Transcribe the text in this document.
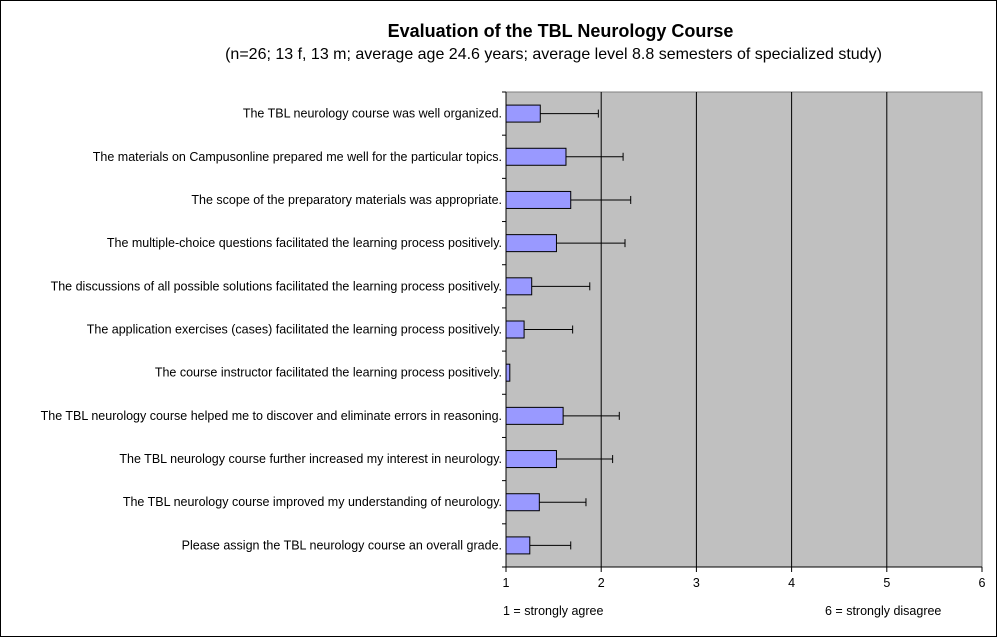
Evaluation of the TBL Neurology Course
(n=26; 13 f, 13 m; average age 24.6 years; average level 8.8 semesters of specialized study)
1	2	3	4	5	6
The TBL neurology course was well organized.
The materials on Campusonline prepared me well for the particular topics.
The scope of the preparatory materials was appropriate.
The multiple-choice questions facilitated the learning process positively.
The discussions of all possible solutions facilitated the learning process positively.
The application exercises (cases) facilitated the learning process positively.
The course instructor facilitated the learning process positively.
The TBL neurology course helped me to discover and eliminate errors in reasoning.
The TBL neurology course further increased my interest in neurology.
The TBL neurology course improved my understanding of neurology.
Please assign the TBL neurology course an overall grade.
1 = strongly agree	6 = strongly disagree
